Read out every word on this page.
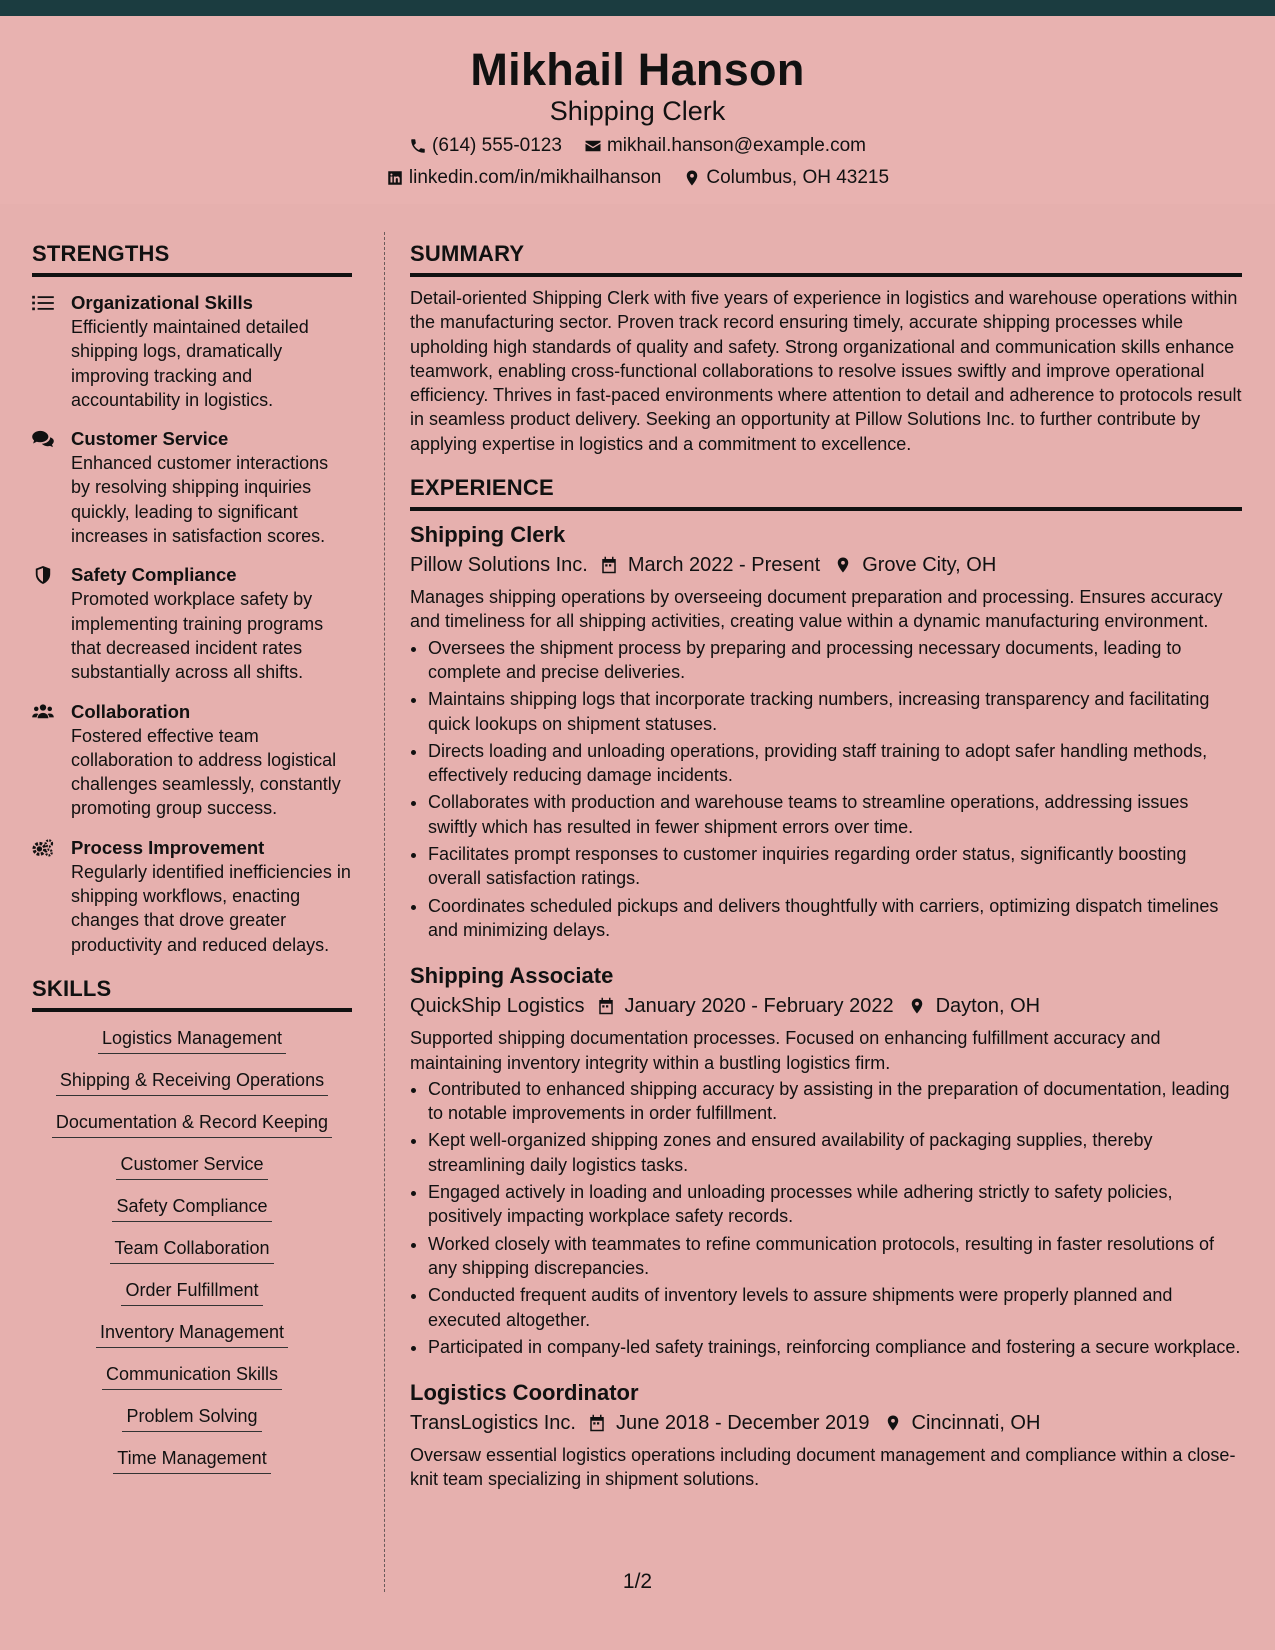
Mikhail Hanson
Shipping Clerk
(614) 555-0123 mikhail.hanson@example.com
linkedin.com/in/mikhailhanson Columbus, OH 43215
STRENGTHS
Organizational Skills
Efficiently maintained detailed shipping logs, dramatically improving tracking and accountability in logistics.
Customer Service
Enhanced customer interactions by resolving shipping inquiries quickly, leading to significant increases in satisfaction scores.
Safety Compliance
Promoted workplace safety by implementing training programs that decreased incident rates substantially across all shifts.
Collaboration
Fostered effective team collaboration to address logistical challenges seamlessly, constantly promoting group success.
Process Improvement
Regularly identified inefficiencies in shipping workflows, enacting changes that drove greater productivity and reduced delays.
SKILLS
Logistics Management
Shipping & Receiving Operations
Documentation & Record Keeping
Customer Service
Safety Compliance
Team Collaboration
Order Fulfillment
Inventory Management
Communication Skills
Problem Solving
Time Management
SUMMARY
Detail-oriented Shipping Clerk with five years of experience in logistics and warehouse operations within the manufacturing sector. Proven track record ensuring timely, accurate shipping processes while upholding high standards of quality and safety. Strong organizational and communication skills enhance teamwork, enabling cross-functional collaborations to resolve issues swiftly and improve operational efficiency. Thrives in fast-paced environments where attention to detail and adherence to protocols result in seamless product delivery. Seeking an opportunity at Pillow Solutions Inc. to further contribute by applying expertise in logistics and a commitment to excellence.
EXPERIENCE
Shipping Clerk
Pillow Solutions Inc. March 2022 - Present Grove City, OH
Manages shipping operations by overseeing document preparation and processing. Ensures accuracy and timeliness for all shipping activities, creating value within a dynamic manufacturing environment.
• Oversees the shipment process by preparing and processing necessary documents, leading to complete and precise deliveries.
• Maintains shipping logs that incorporate tracking numbers, increasing transparency and facilitating quick lookups on shipment statuses.
• Directs loading and unloading operations, providing staff training to adopt safer handling methods, effectively reducing damage incidents.
• Collaborates with production and warehouse teams to streamline operations, addressing issues swiftly which has resulted in fewer shipment errors over time.
• Facilitates prompt responses to customer inquiries regarding order status, significantly boosting overall satisfaction ratings.
• Coordinates scheduled pickups and delivers thoughtfully with carriers, optimizing dispatch timelines and minimizing delays.
Shipping Associate
QuickShip Logistics January 2020 - February 2022 Dayton, OH
Supported shipping documentation processes. Focused on enhancing fulfillment accuracy and maintaining inventory integrity within a bustling logistics firm.
• Contributed to enhanced shipping accuracy by assisting in the preparation of documentation, leading to notable improvements in order fulfillment.
• Kept well-organized shipping zones and ensured availability of packaging supplies, thereby streamlining daily logistics tasks.
• Engaged actively in loading and unloading processes while adhering strictly to safety policies, positively impacting workplace safety records.
• Worked closely with teammates to refine communication protocols, resulting in faster resolutions of any shipping discrepancies.
• Conducted frequent audits of inventory levels to assure shipments were properly planned and executed altogether.
• Participated in company-led safety trainings, reinforcing compliance and fostering a secure workplace.
Logistics Coordinator
TransLogistics Inc. June 2018 - December 2019 Cincinnati, OH
Oversaw essential logistics operations including document management and compliance within a close-knit team specializing in shipment solutions.
1/2
